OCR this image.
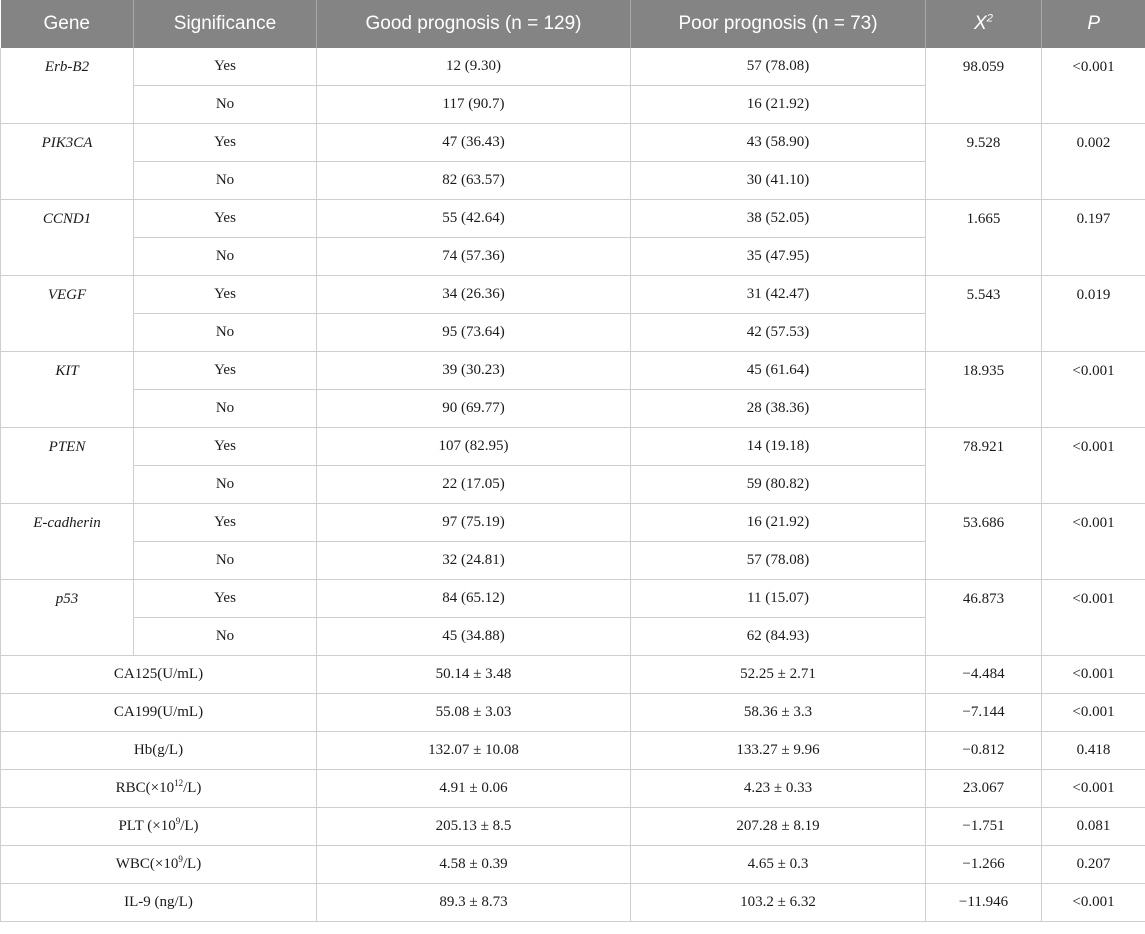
Gene	Significance	Good prognosis (n = 129)	Poor prognosis (n = 73)	$X^2$	P
Erb-B2	Yes	12 (9.30)	57 (78.08)	98.059	<0.001
	No	117 (90.7)	16 (21.92)		
PIK3CA	Yes	47 (36.43)	43 (58.90)	9.528	0.002
	No	82 (63.57)	30 (41.10)		
CCND1	Yes	55 (42.64)	38 (52.05)	1.665	0.197
	No	74 (57.36)	35 (47.95)		
VEGF	Yes	34 (26.36)	31 (42.47)	5.543	0.019
	No	95 (73.64)	42 (57.53)		
KIT	Yes	39 (30.23)	45 (61.64)	18.935	<0.001
	No	90 (69.77)	28 (38.36)		
PTEN	Yes	107 (82.95)	14 (19.18)	78.921	<0.001
	No	22 (17.05)	59 (80.82)		
E-cadherin	Yes	97 (75.19)	16 (21.92)	53.686	<0.001
	No	32 (24.81)	57 (78.08)		
p53	Yes	84 (65.12)	11 (15.07)	46.873	<0.001
	No	45 (34.88)	62 (84.93)		
CA125(U/mL)		50.14 ± 3.48	52.25 ± 2.71	−4.484	<0.001
CA199(U/mL)		55.08 ± 3.03	58.36 ± 3.3	−7.144	<0.001
Hb(g/L)		132.07 ± 10.08	133.27 ± 9.96	−0.812	0.418
$RBC(\times 10^{12}/L)$		4.91 ± 0.06	4.23 ± 0.33	23.067	<0.001
PLT $(\times 10^9/L)$		205.13 ± 8.5	207.28 ± 8.19	−1.751	0.081
$WBC(\times 10^9/L)$		4.58 ± 0.39	4.65 ± 0.3	−1.266	0.207
IL-9 (ng/L)		89.3 ± 8.73	103.2 ± 6.32	−11.946	<0.001
